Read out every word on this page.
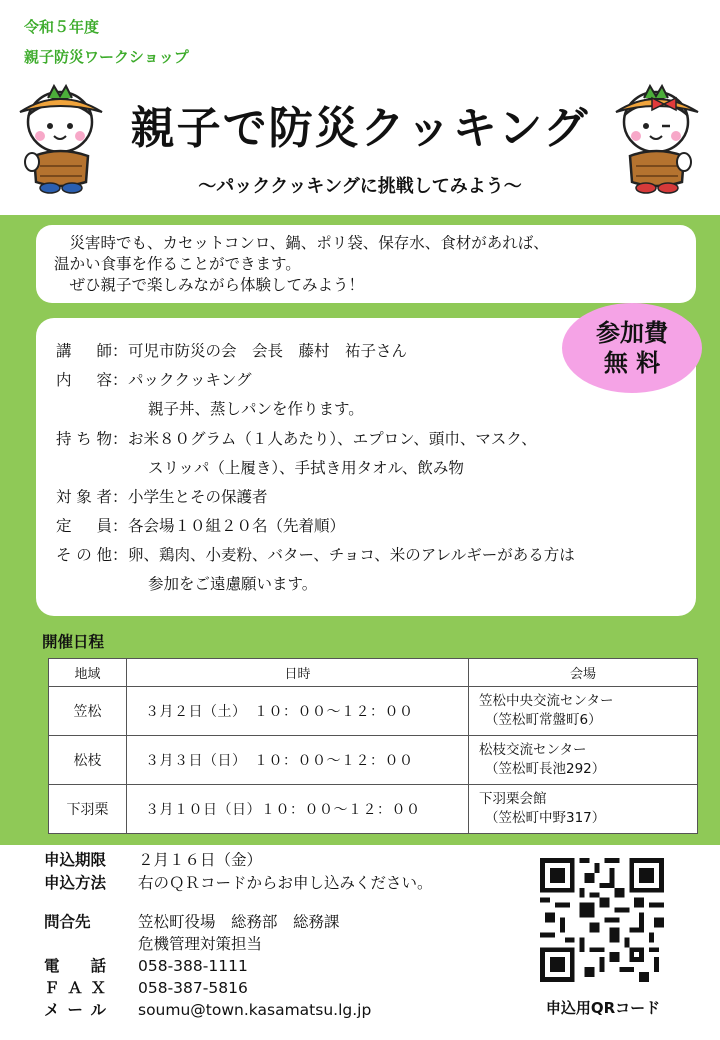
令和５年度
親子防災ワークショップ
親子で防災クッキング
～パッククッキングに挑戦してみよう～

　災害時でも、カセットコンロ、鍋、ポリ袋、保存水、食材があれば、

温かい食事を作ることができます。

　ぜひ親子で楽しみながら体験してみよう！

講師：可児市防災の会　会長　藤村　祐子さん
内容：パッククッキング
親子丼、蒸しパンを作ります。
持ち物：お米８０グラム（１人あたり）、エプロン、頭巾、マスク、
スリッパ（上履き）、手拭き用タオル、飲み物
対象者：小学生とその保護者
定員：各会場１０組２０名（先着順）
その他：卵、鶏肉、小麦粉、バター、チョコ、米のアレルギーがある方は
参加をご遠慮願います。
参加費
無 料
開催日程
地域	日時	会場
笠松	３月２日（土）　１０：００～１２：００	笠松中央交流センター
（笠松町常盤町6）

松枝	３月３日（日）　１０：００～１２：００	松枝交流センター
（笠松町長池292）

下羽栗	３月１０日（日）１０：００～１２：００	下羽栗会館
（笠松町中野317）
申込期限 ２月１６日（金）
申込方法 右のＱＲコードからお申し込みください。
問合先	笠松町役場　総務部　総務課
危機管理対策担当
電話 058-388-1111
ＦＡＸ 058-387-5816
メール soumu@town.kasamatsu.lg.jp	申込用QRコード
